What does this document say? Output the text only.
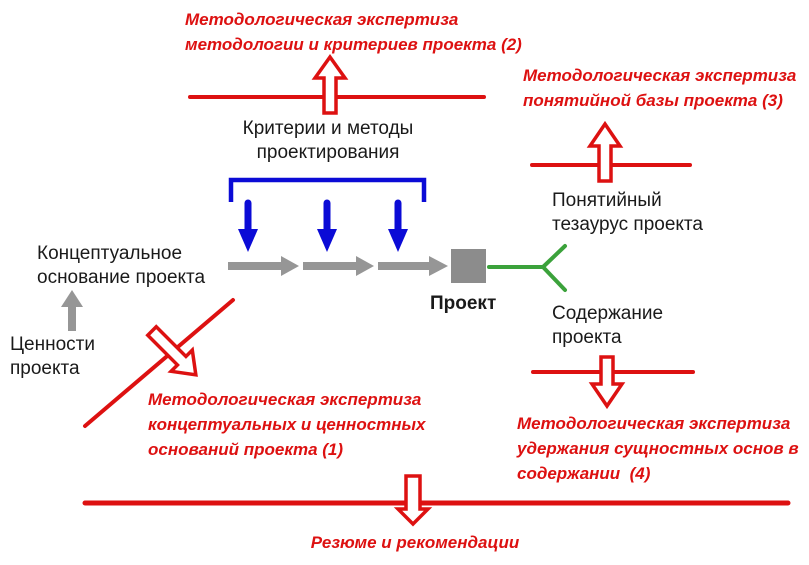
Методологическая экспертиза
методологии и критериев проекта (2)
Методологическая экспертиза
понятийной базы проекта (3)
Методологическая экспертиза
концептуальных и ценностных
оснований проекта (1)
Методологическая экспертиза
удержания сущностных основ в
содержании  (4)
Резюме и рекомендации
Критерии и методы
проектирования
Концептуальное
основание проекта
Ценности
проекта
Понятийный
тезаурус проекта
Содержание
проекта
Проект
